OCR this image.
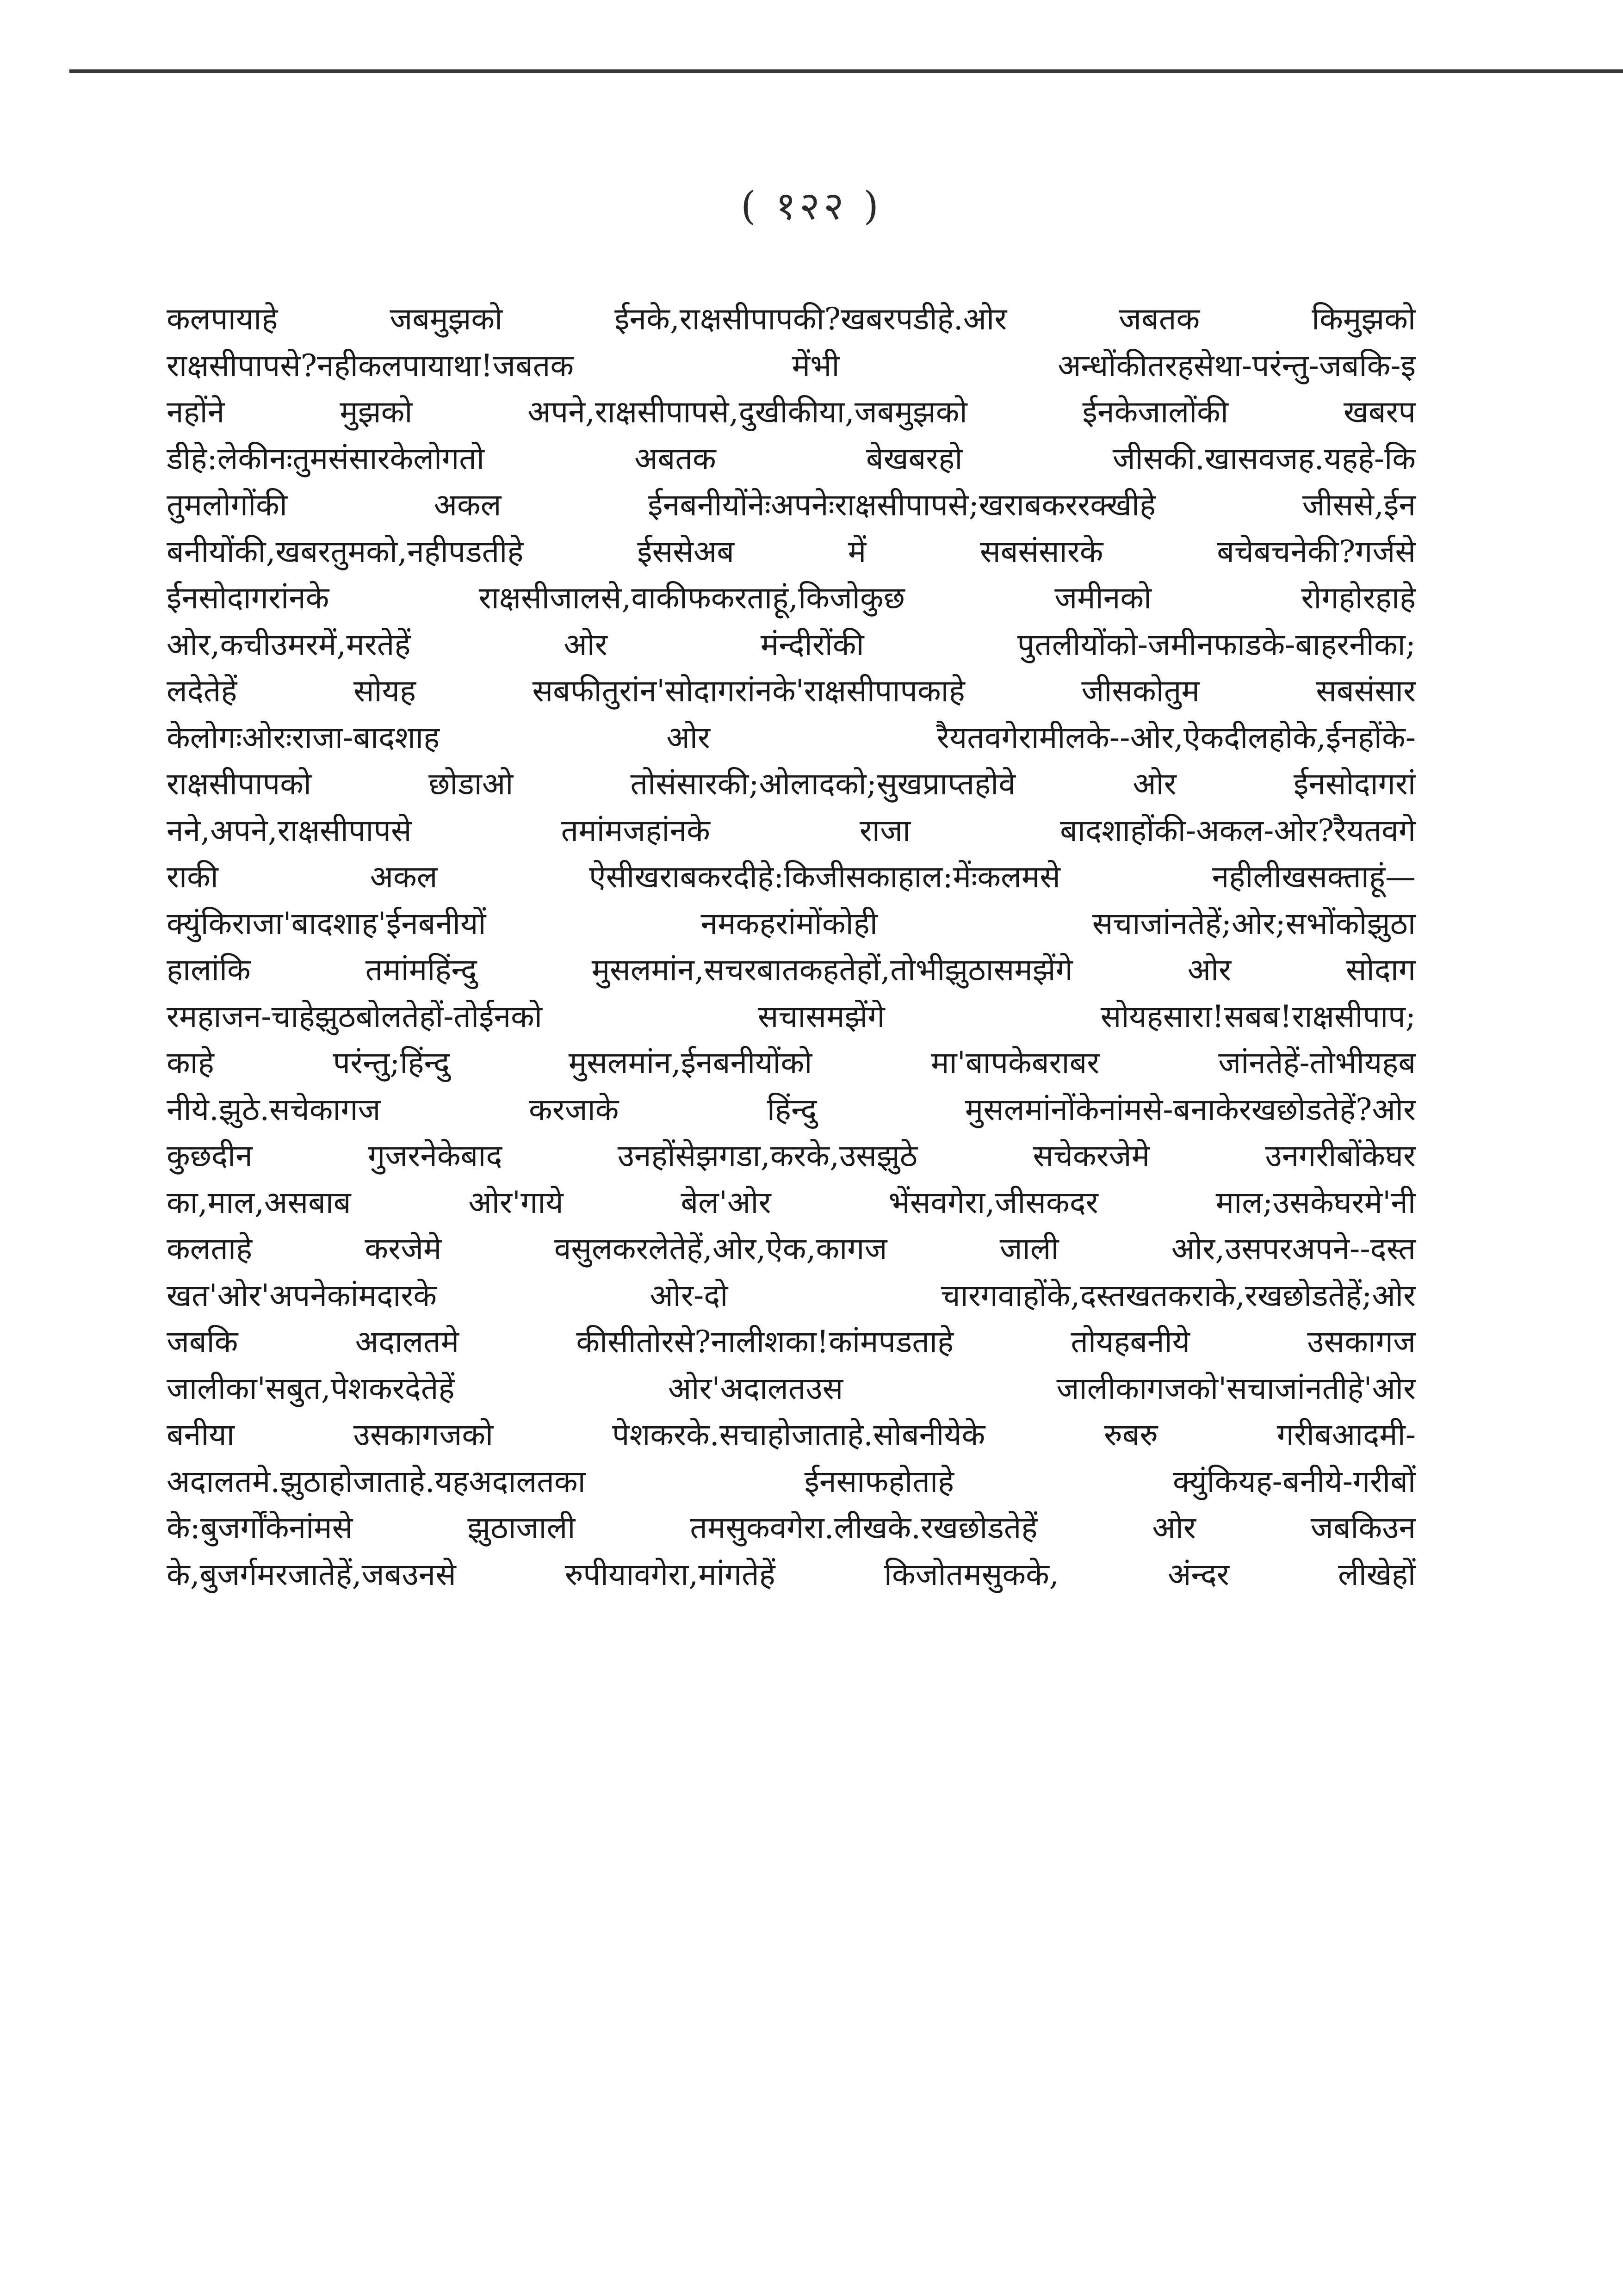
( १२२ )
कलपायाहे जबमुझको ईनके,राक्षसीपापकी?खबरपडीहे.ओर जबतक किमुझको
राक्षसीपापसे?नहीकलपायाथा!जबतक मेंभी अन्धोंकीतरहसेथा-परंन्तु-जबकि-इ
नहोंने मुझको अपने,राक्षसीपापसे,दुखीकीया,जबमुझको ईनकेजालोंकी खबरप
डीहे:लेकीनःतुमसंसारकेलोगतो अबतक बेखबरहो जीसकी.खासवजह.यहहे-कि
तुमलोगोंकी अकल ईनबनीयोंनेःअपनेःराक्षसीपापसे;खराबकररक्खीहे जीससे,ईन
बनीयोंकी,खबरतुमको,नहीपडतीहे ईससेअब में सबसंसारके बचेबचनेकी?गर्जसे
ईनसोदागरांनके राक्षसीजालसे,वाकीफकरताहूं,किजोकुछ जमीनको रोगहोरहाहे
ओर,कचीउमरमें,मरतेहें ओर मंन्दीरोंकी पुतलीयोंको-जमीनफाडके-बाहरनीका;
लदेतेहें सोयह सबफीतुरांन'सोदागरांनके'राक्षसीपापकाहे जीसकोतुम सबसंसार
केलोगःओरःराजा-बादशाह ओर रैयतवगेरामीलके--ओर,ऐकदीलहोके,ईनहोंके-
राक्षसीपापको छोडाओ तोसंसारकी;ओलादको;सुखप्राप्तहोवे ओर ईनसोदागरां
नने,अपने,राक्षसीपापसे तमांमजहांनके राजा बादशाहोंकी-अकल-ओर?रैयतवगे
राकी अकल ऐसीखराबकरदीहे:किजीसकाहाल:मेंःकलमसे नहीलीखसक्ताहूं—
क्युंकिराजा'बादशाह'ईनबनीयों नमकहरांमोंकोही सचाजांनतेहें;ओर;सभोंकोझुठा
हालांकि तमांमहिंन्दु मुसलमांन,सचरबातकहतेहों,तोभीझुठासमझेंगे ओर सोदाग
रमहाजन-चाहेझुठबोलतेहों-तोईनको सचासमझेंगे सोयहसारा!सबब!राक्षसीपाप;
काहे परंन्तु;हिंन्दु मुसलमांन,ईनबनीयोंको मा'बापकेबराबर जांनतेहें-तोभीयहब
नीये.झुठे.सचेकागज करजाके हिंन्दु मुसलमांनोंकेनांमसे-बनाकेरखछोडतेहें?ओर
कुछदीन गुजरनेकेबाद उनहोंसेझगडा,करके,उसझुठे सचेकरजेमे उनगरीबोंकेघर
का,माल,असबाब ओर'गाये बेल'ओर भेंसवगेरा,जीसकदर माल;उसकेघरमे'नी
कलताहे करजेमे वसुलकरलेतेहें,ओर,ऐक,कागज जाली ओर,उसपरअपने--दस्त
खत'ओर'अपनेकांमदारके ओर-दो चारगवाहोंके,दस्तखतकराके,रखछोडतेहें;ओर
जबकि अदालतमे कीसीतोरसे?नालीशका!कांमपडताहे तोयहबनीये उसकागज
जालीका'सबुत,पेशकरदेतेहें ओर'अदालतउस जालीकागजको'सचाजांनतीहे'ओर
बनीया उसकागजको पेशकरके.सचाहोजाताहे.सोबनीयेके रुबरु गरीबआदमी-
अदालतमे.झुठाहोजाताहे.यहअदालतका ईनसाफहोताहे क्युंकियह-बनीये-गरीबों
के:बुजर्गोंकेनांमसे झुठाजाली तमसुकवगेरा.लीखके.रखछोडतेहें ओर जबकिउन
के,बुजर्गमरजातेहें,जबउनसे रुपीयावगेरा,मांगतेहें किजोतमसुकके, अंन्दर लीखेहों
